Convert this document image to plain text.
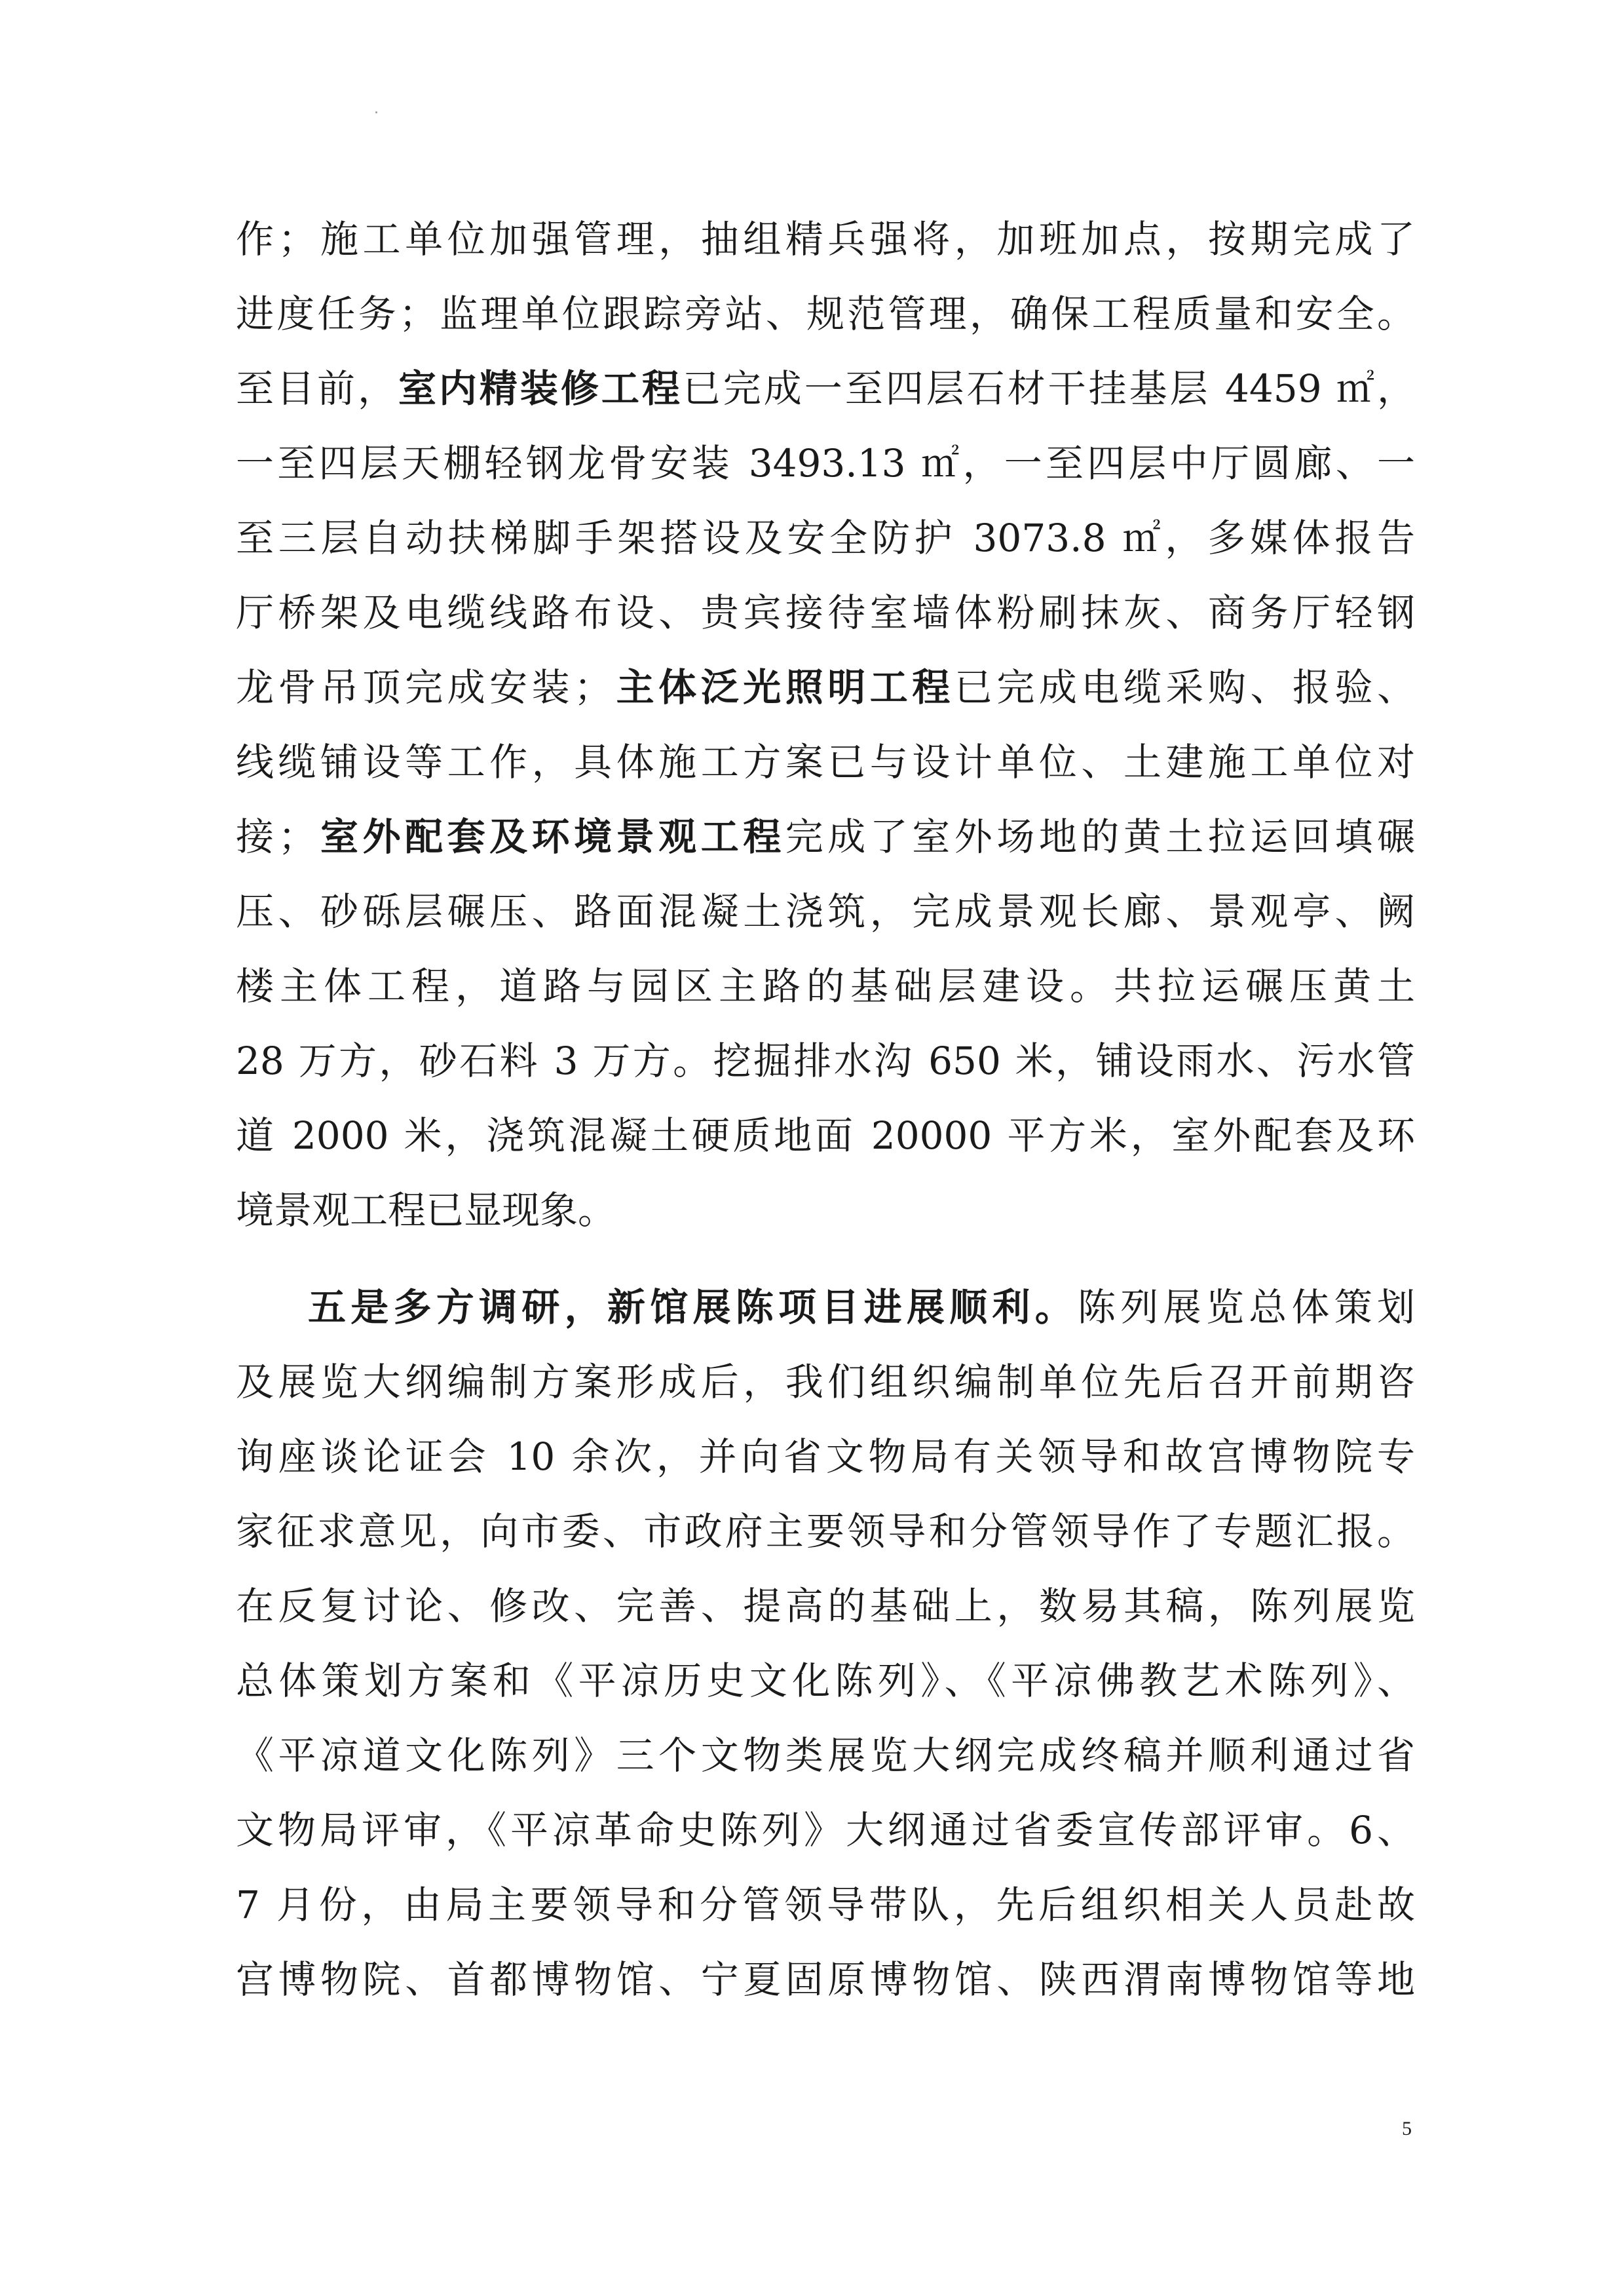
作；施工单位加强管理，抽组精兵强将，加班加点，按期完成了
进度任务；监理单位跟踪旁站、规范管理，确保工程质量和安全。
至目前，室内精装修工程已完成一至四层石材干挂基层 4459 ㎡，
一至四层天棚轻钢龙骨安装 3493.13 ㎡，一至四层中厅圆廊、一
至三层自动扶梯脚手架搭设及安全防护 3073.8 ㎡，多媒体报告
厅桥架及电缆线路布设、贵宾接待室墙体粉刷抹灰、商务厅轻钢
龙骨吊顶完成安装；主体泛光照明工程已完成电缆采购、报验、
线缆铺设等工作，具体施工方案已与设计单位、土建施工单位对
接；室外配套及环境景观工程完成了室外场地的黄土拉运回填碾
压、砂砾层碾压、路面混凝土浇筑，完成景观长廊、景观亭、阙
楼主体工程，道路与园区主路的基础层建设。共拉运碾压黄土
28 万方，砂石料 3 万方。挖掘排水沟 650 米，铺设雨水、污水管
道 2000 米，浇筑混凝土硬质地面 20000 平方米，室外配套及环
境景观工程已显现象。
五是多方调研，新馆展陈项目进展顺利。陈列展览总体策划
及展览大纲编制方案形成后，我们组织编制单位先后召开前期咨
询座谈论证会 10 余次，并向省文物局有关领导和故宫博物院专
家征求意见，向市委、市政府主要领导和分管领导作了专题汇报。
在反复讨论、修改、完善、提高的基础上，数易其稿，陈列展览
总体策划方案和《平凉历史文化陈列》、《平凉佛教艺术陈列》、
《平凉道文化陈列》三个文物类展览大纲完成终稿并顺利通过省
文物局评审，《平凉革命史陈列》大纲通过省委宣传部评审。6、
7 月份，由局主要领导和分管领导带队，先后组织相关人员赴故
宫博物院、首都博物馆、宁夏固原博物馆、陕西渭南博物馆等地
5
